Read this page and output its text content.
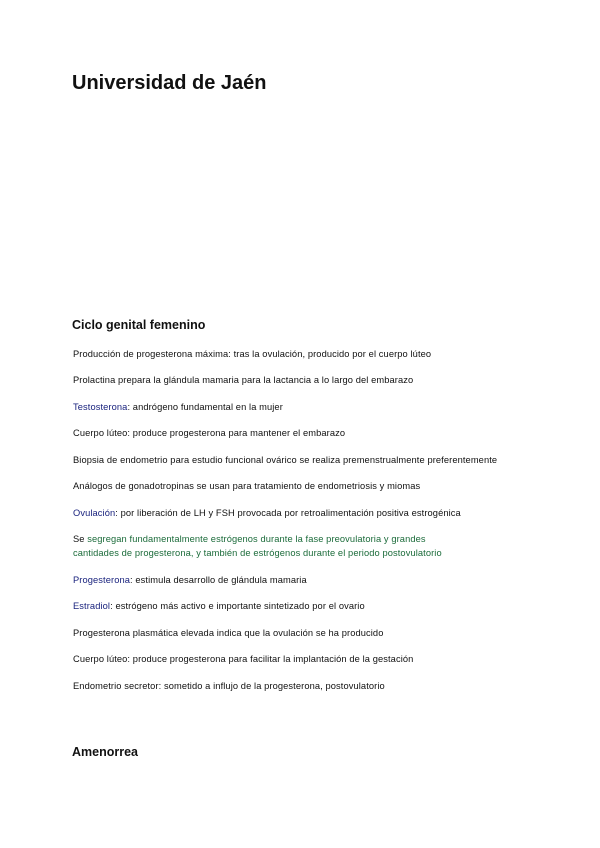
Universidad de Jaén
Ciclo genital femenino

Producción de progesterona máxima: tras la ovulación, producido por el cuerpo lúteo

Prolactina prepara la glándula mamaria para la lactancia a lo largo del embarazo

Testosterona: andrógeno fundamental en la mujer

Cuerpo lúteo: produce progesterona para mantener el embarazo

Biopsia de endometrio para estudio funcional ovárico se realiza premenstrualmente preferentemente

Análogos de gonadotropinas se usan para tratamiento de endometriosis y miomas

Ovulación: por liberación de LH y FSH provocada por retroalimentación positiva estrogénica

Se segregan fundamentalmente estrógenos durante la fase preovulatoria y grandes

cantidades de progesterona, y también de estrógenos durante el periodo postovulatorio

Progesterona: estimula desarrollo de glándula mamaria

Estradiol: estrógeno más activo e importante sintetizado por el ovario

Progesterona plasmática elevada indica que la ovulación se ha producido

Cuerpo lúteo: produce progesterona para facilitar la implantación de la gestación

Endometrio secretor: sometido a influjo de la progesterona, postovulatorio

Amenorrea
